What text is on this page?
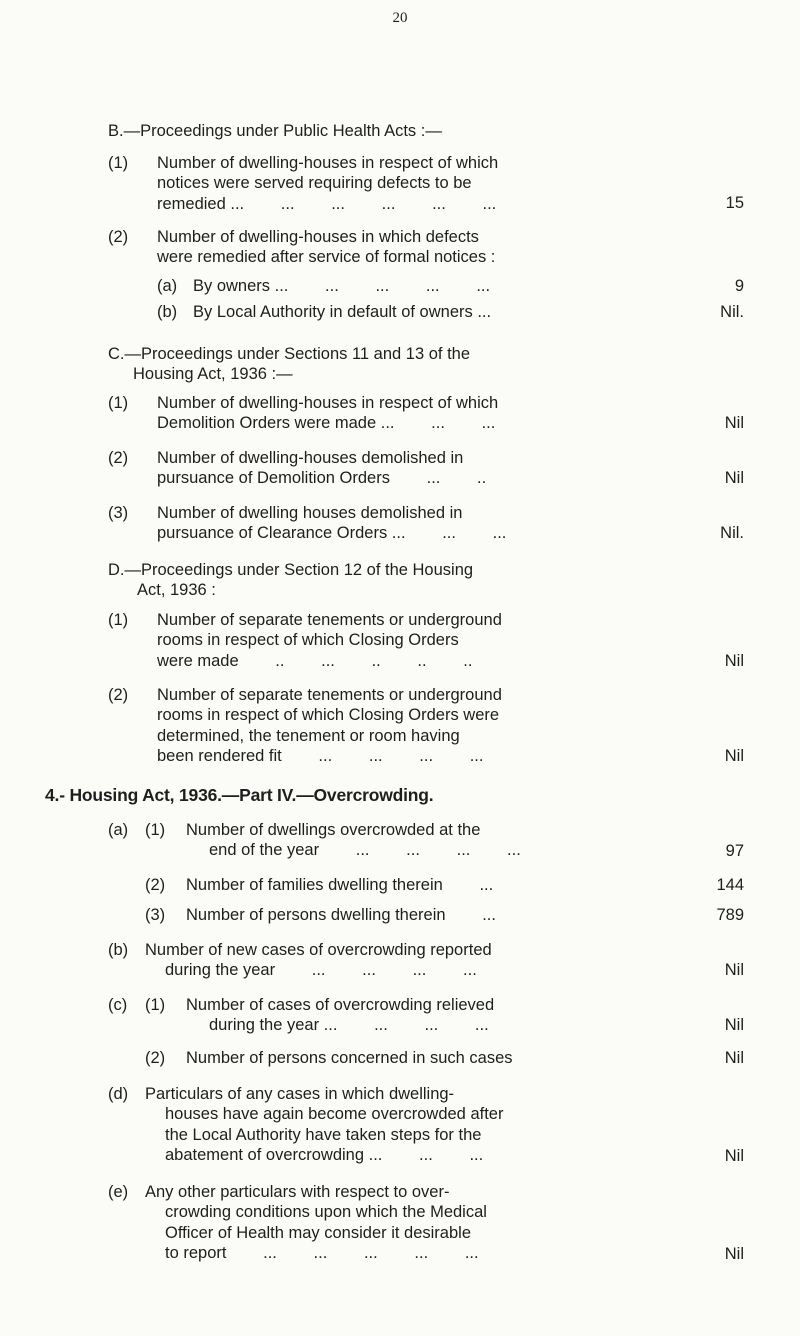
20
B.—Proceedings under Public Health Acts :—
(1) Number of dwelling-houses in respect of which
notices were served requiring defects to be
remedied ...        ...        ...        ...        ...        ...	15
(2) Number of dwelling-houses in which defects
were remedied after service of formal notices :
(a) By owners ...        ...        ...        ...        ...	9
(b) By Local Authority in default of owners ...	Nil.
C.—Proceedings under Sections 11 and 13 of the
Housing Act, 1936 :—
(1) Number of dwelling-houses in respect of which
Demolition Orders were made ...        ...        ...	Nil
(2) Number of dwelling-houses demolished in
pursuance of Demolition Orders        ...        ..	Nil
(3) Number of dwelling houses demolished in
pursuance of Clearance Orders ...        ...        ...	Nil.
D.—Proceedings under Section 12 of the Housing
Act, 1936 :
(1) Number of separate tenements or underground
rooms in respect of which Closing Orders
were made        ..        ...        ..        ..        ..	Nil
(2) Number of separate tenements or underground
rooms in respect of which Closing Orders were
determined, the tenement or room having
been rendered fit        ...        ...        ...        ...	Nil
4.- Housing Act, 1936.—Part IV.—Overcrowding.
(a) (1) Number of dwellings overcrowded at the
end of the year        ...        ...        ...        ...	97
(2) Number of families dwelling therein        ...	144
(3) Number of persons dwelling therein        ...	789
(b) Number of new cases of overcrowding reported
during the year        ...        ...        ...        ...	Nil
(c) (1) Number of cases of overcrowding relieved
during the year ...        ...        ...        ...	Nil
(2) Number of persons concerned in such cases	Nil
(d) Particulars of any cases in which dwelling-
houses have again become overcrowded after
the Local Authority have taken steps for the
abatement of overcrowding ...        ...        ...	Nil
(e) Any other particulars with respect to over-
crowding conditions upon which the Medical
Officer of Health may consider it desirable
to report        ...        ...        ...        ...        ...	Nil
